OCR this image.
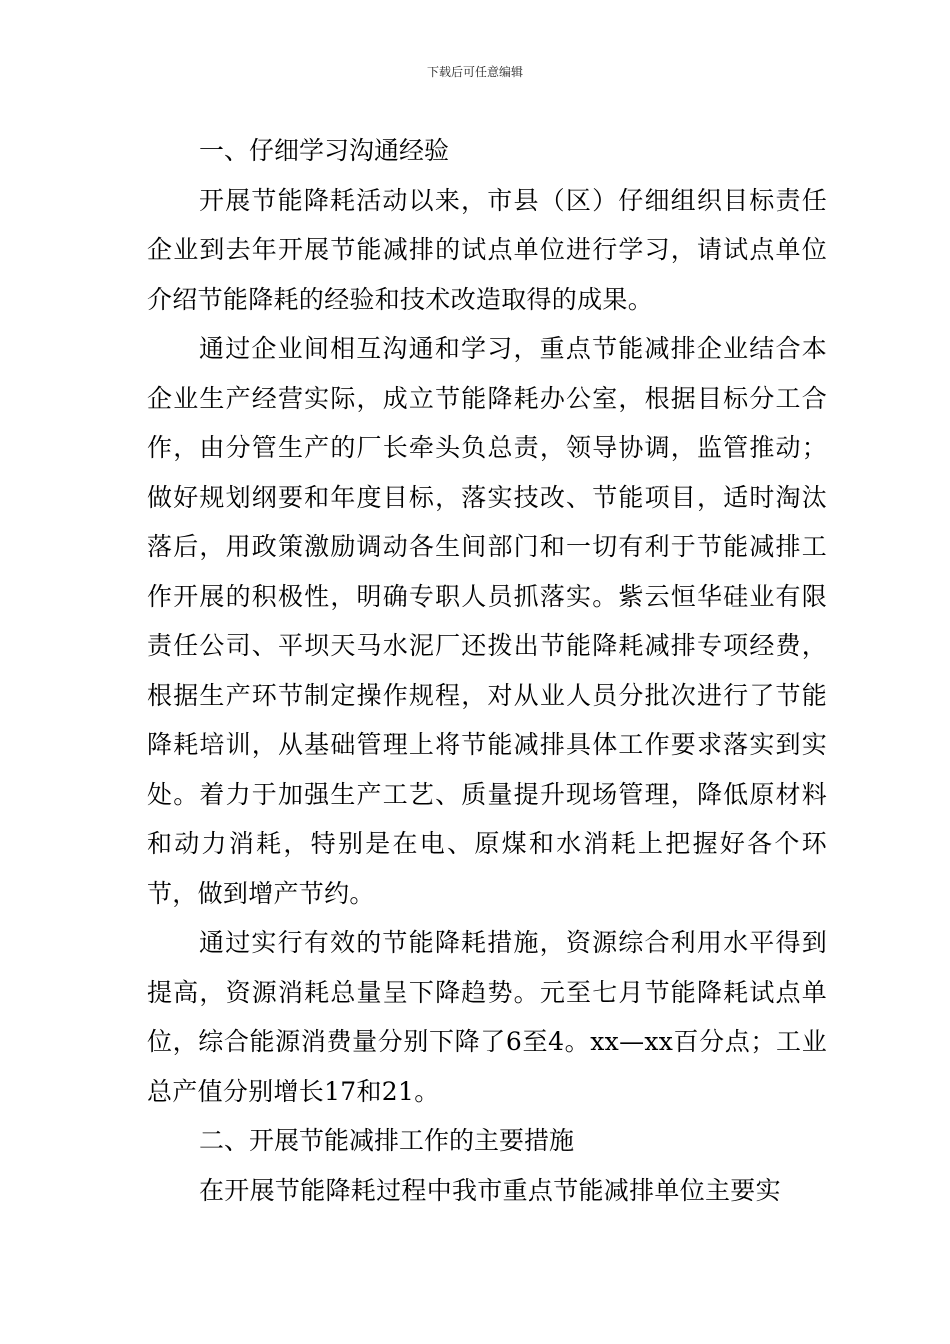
下载后可任意编辑

一、仔细学习沟通经验

开展节能降耗活动以来，市县（区）仔细组织目标责任企业到去年开展节能减排的试点单位进行学习，请试点单位介绍节能降耗的经验和技术改造取得的成果。

通过企业间相互沟通和学习，重点节能减排企业结合本企业生产经营实际，成立节能降耗办公室，根据目标分工合作，由分管生产的厂长牵头负总责，领导协调，监管推动；做好规划纲要和年度目标，落实技改、节能项目，适时淘汰落后，用政策激励调动各生间部门和一切有利于节能减排工作开展的积极性，明确专职人员抓落实。紫云恒华硅业有限责任公司、平坝天马水泥厂还拨出节能降耗减排专项经费，根据生产环节制定操作规程，对从业人员分批次进行了节能降耗培训，从基础管理上将节能减排具体工作要求落实到实处。着力于加强生产工艺、质量提升现场管理，降低原材料和动力消耗，特别是在电、原煤和水消耗上把握好各个环节，做到增产节约。

通过实行有效的节能降耗措施，资源综合利用水平得到提高，资源消耗总量呈下降趋势。元至七月节能降耗试点单位，综合能源消费量分别下降了6至4。xx—xx百分点；工业总产值分别增长17和21。

二、开展节能减排工作的主要措施

在开展节能降耗过程中我市重点节能减排单位主要实
